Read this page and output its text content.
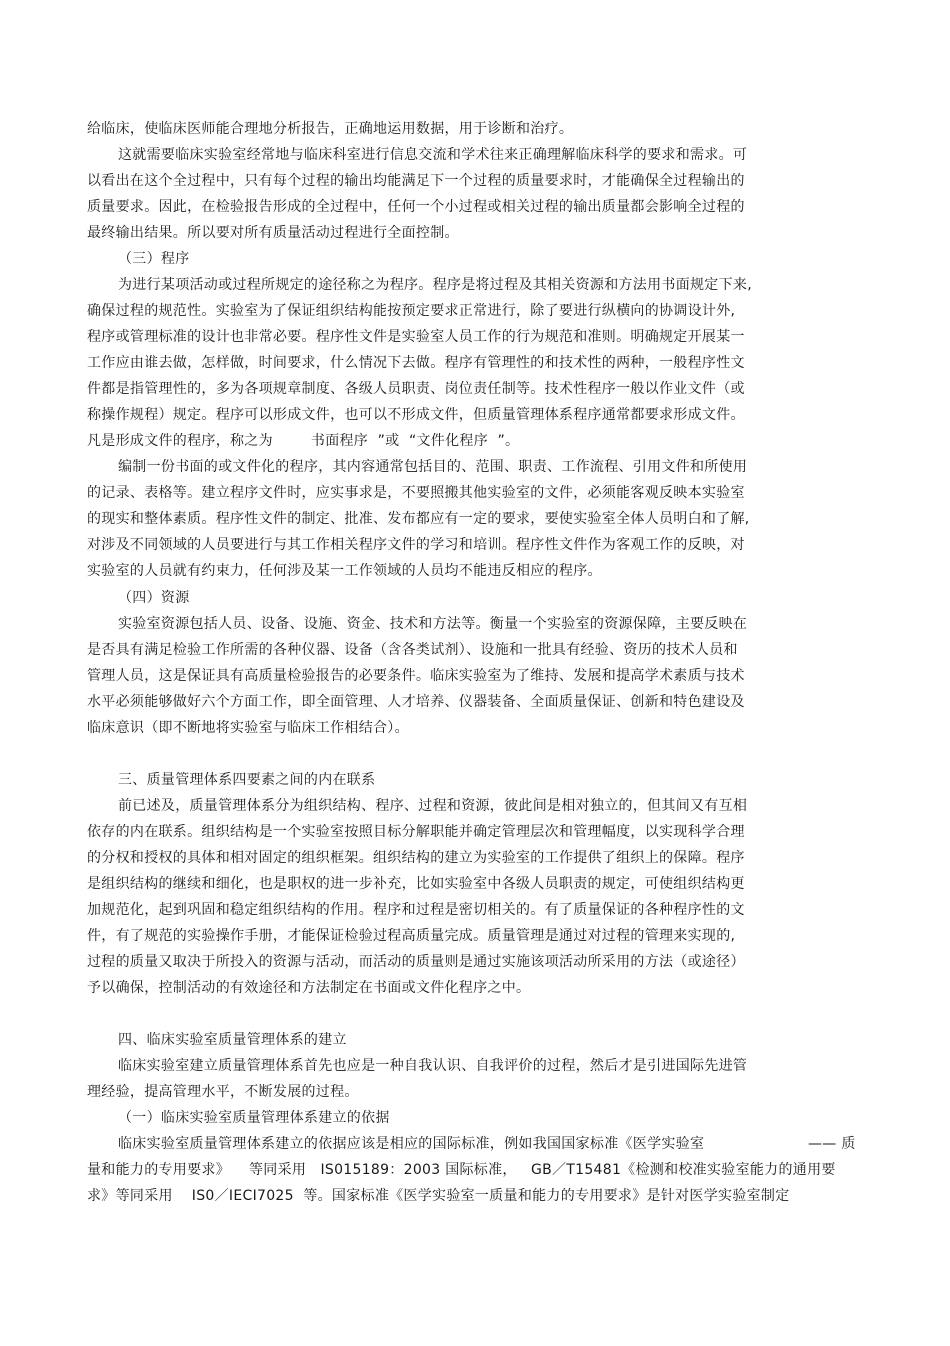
给临床，使临床医师能合理地分析报告，正确地运用数据，用于诊断和治疗。
这就需要临床实验室经常地与临床科室进行信息交流和学术往来正确理解临床科学的要求和需求。可
以看出在这个全过程中，只有每个过程的输出均能满足下一个过程的质量要求时，才能确保全过程输出的
质量要求。因此，在检验报告形成的全过程中，任何一个小过程或相关过程的输出质量都会影响全过程的
最终输出结果。所以要对所有质量活动过程进行全面控制。
（三）程序
为进行某项活动或过程所规定的途径称之为程序。程序是将过程及其相关资源和方法用书面规定下来,
确保过程的规范性。实验室为了保证组织结构能按预定要求正常进行，除了要进行纵横向的协调设计外,
程序或管理标准的设计也非常必要。程序性文件是实验室人员工作的行为规范和准则。明确规定开展某一
工作应由谁去做，怎样做，时间要求，什么情况下去做。程序有管理性的和技术性的两种，一般程序性文
件都是指管理性的，多为各项规章制度、各级人员职责、岗位责任制等。技术性程序一般以作业文件（或
称操作规程）规定。程序可以形成文件，也可以不形成文件，但质量管理体系程序通常都要求形成文件。
凡是形成文件的程序，称之为        书面程序  ”或  “文件化程序  ”。
编制一份书面的或文件化的程序，其内容通常包括目的、范围、职责、工作流程、引用文件和所使用
的记录、表格等。建立程序文件时，应实事求是，不要照搬其他实验室的文件，必须能客观反映本实验室
的现实和整体素质。程序性文件的制定、批准、发布都应有一定的要求，要使实验室全体人员明白和了解,
对涉及不同领域的人员要进行与其工作相关程序文件的学习和培训。程序性文件作为客观工作的反映，对
实验室的人员就有约束力，任何涉及某一工作领域的人员均不能违反相应的程序。
（四）资源
实验室资源包括人员、设备、设施、资金、技术和方法等。衡量一个实验室的资源保障，主要反映在
是否具有满足检验工作所需的各种仪器、设备（含各类试剂）、设施和一批具有经验、资历的技术人员和
管理人员，这是保证具有高质量检验报告的必要条件。临床实验室为了维持、发展和提高学术素质与技术
水平必须能够做好六个方面工作，即全面管理、人才培养、仪器装备、全面质量保证、创新和特色建设及
临床意识（即不断地将实验室与临床工作相结合）。
三、质量管理体系四要素之间的内在联系
前已述及，质量管理体系分为组织结构、程序、过程和资源，彼此间是相对独立的，但其间又有互相
依存的内在联系。组织结构是一个实验室按照目标分解职能并确定管理层次和管理幅度，以实现科学合理
的分权和授权的具体和相对固定的组织框架。组织结构的建立为实验室的工作提供了组织上的保障。程序
是组织结构的继续和细化，也是职权的进一步补充，比如实验室中各级人员职责的规定，可使组织结构更
加规范化，起到巩固和稳定组织结构的作用。程序和过程是密切相关的。有了质量保证的各种程序性的文
件，有了规范的实验操作手册，才能保证检验过程高质量完成。质量管理是通过对过程的管理来实现的,
过程的质量又取决于所投入的资源与活动，而活动的质量则是通过实施该项活动所采用的方法（或途径）
予以确保，控制活动的有效途径和方法制定在书面或文件化程序之中。
四、临床实验室质量管理体系的建立
临床实验室建立质量管理体系首先也应是一种自我认识、自我评价的过程，然后才是引进国际先进管
理经验，提高管理水平，不断发展的过程。
（一）临床实验室质量管理体系建立的依据
临床实验室质量管理体系建立的依据应该是相应的国际标准，例如我国国家标准《医学实验室	—— 质
量和能力的专用要求》    等同采用   IS015189：2003 国际标准，   GB／T15481《检测和校准实验室能力的通用要
求》等同采用    IS0／IECI7025  等。国家标准《医学实验室一质量和能力的专用要求》是针对医学实验室制定
